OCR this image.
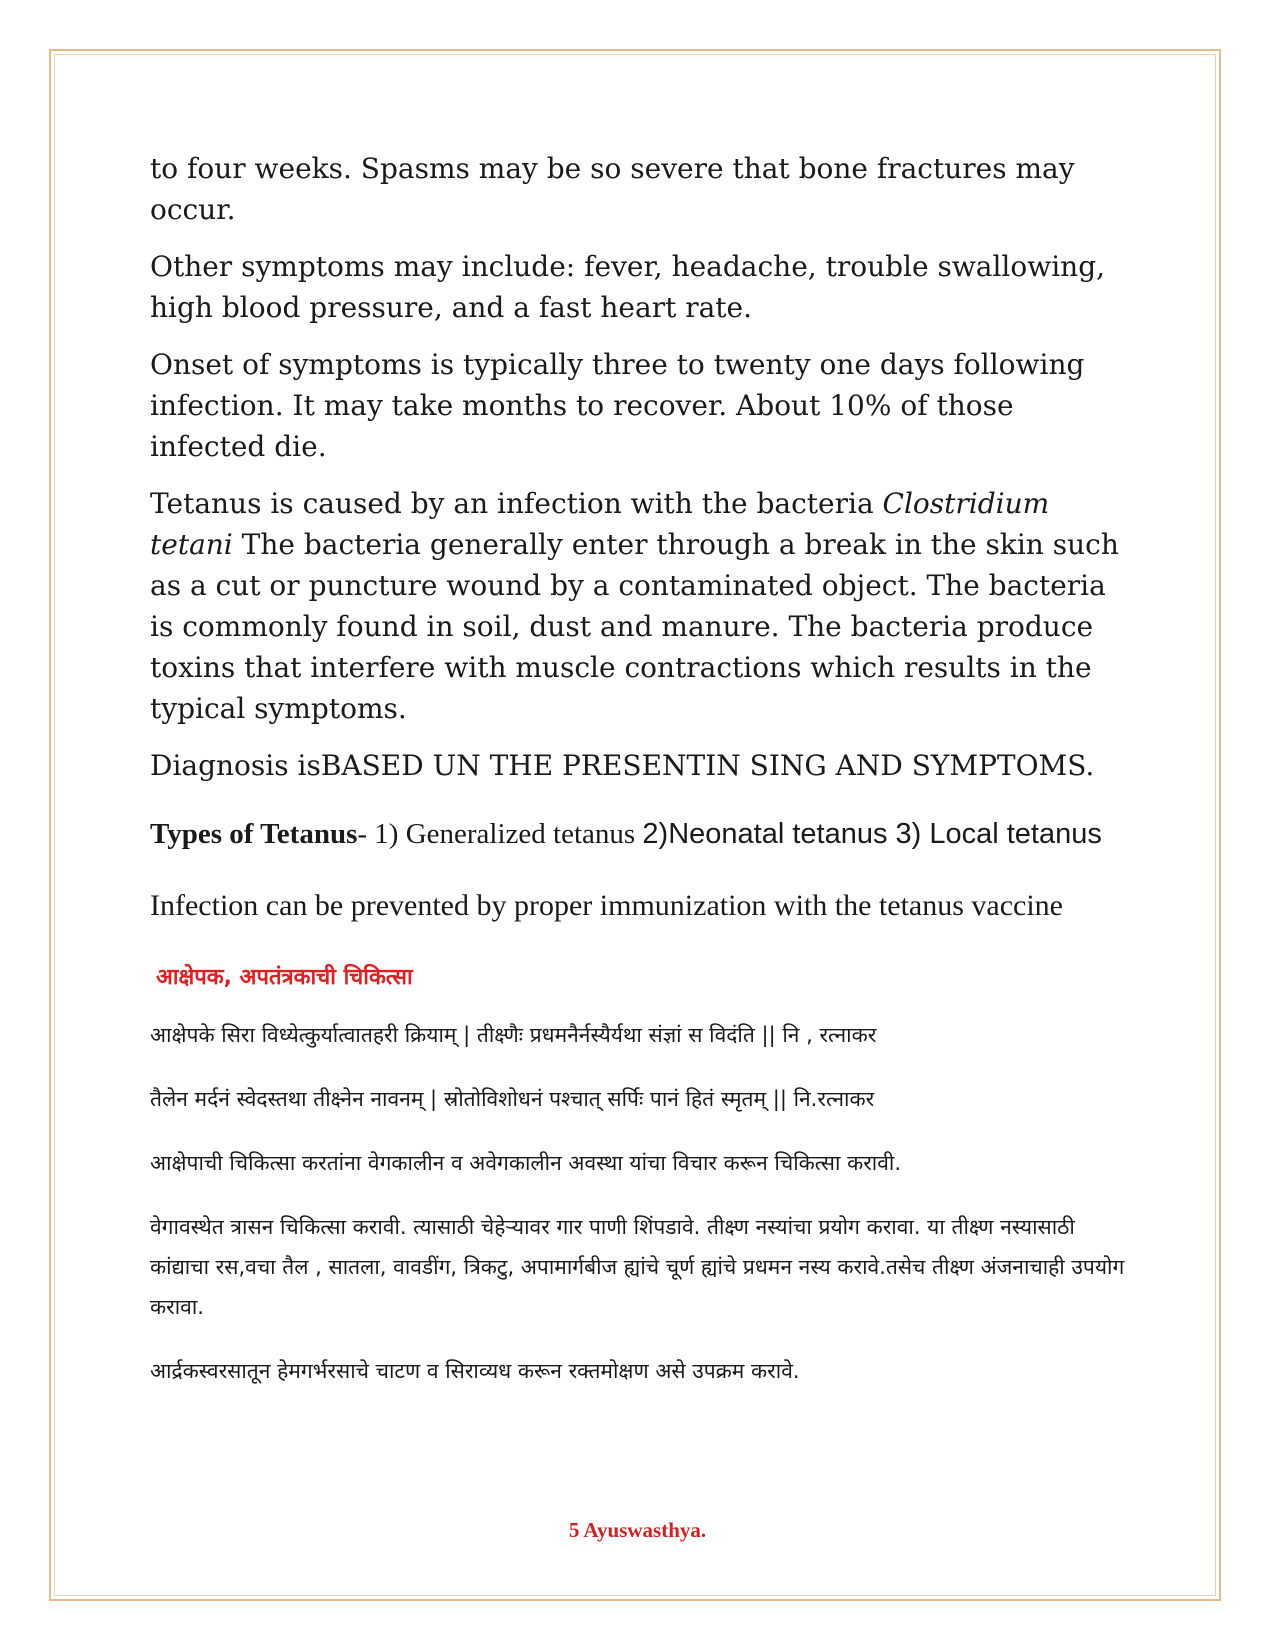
to four weeks. Spasms may be so severe that bone fractures may occur.

Other symptoms may include: fever, headache, trouble swallowing, high blood pressure, and a fast heart rate.

Onset of symptoms is typically three to twenty one days following infection. It may take months to recover. About 10% of those infected die.

Tetanus is caused by an infection with the bacteria Clostridium tetani The bacteria generally enter through a break in the skin such as a cut or puncture wound by a contaminated object. The bacteria is commonly found in soil, dust and manure. The bacteria produce toxins that interfere with muscle contractions which results in the typical symptoms.

Diagnosis isBASED UN THE PRESENTIN SING AND SYMPTOMS.

Types of Tetanus- 1) Generalized tetanus 2)Neonatal tetanus 3) Local tetanus

Infection can be prevented by proper immunization with the tetanus vaccine

आक्षेपक, अपतंत्रकाची चिकित्सा

आक्षेपके सिरा विध्येत्कुर्यात्वातहरी क्रियाम् | तीक्ष्णैः प्रधमनैर्नस्यैर्यथा संज्ञां स विदंति || नि , रत्नाकर

तैलेन मर्दनं स्वेदस्तथा तीक्ष्नेन नावनम् | स्रोतोविशोधनं पश्चात् सर्पिः पानं हितं स्मृतम् || नि.रत्नाकर

आक्षेपाची चिकित्सा करतांना वेगकालीन व अवेगकालीन अवस्था यांचा विचार करून चिकित्सा करावी.

वेगावस्थेत त्रासन चिकित्सा करावी. त्यासाठी चेहेऱ्यावर गार पाणी शिंपडावे. तीक्ष्ण नस्यांचा प्रयोग करावा. या तीक्ष्ण नस्यासाठी कांद्याचा रस,वचा तैल , सातला, वावडींग, त्रिकटु, अपामार्गबीज ह्यांचे चूर्ण ह्यांचे प्रधमन नस्य करावे.तसेच तीक्ष्ण अंजनाचाही उपयोग करावा.

आर्द्रकस्वरसातून हेमगर्भरसाचे चाटण व सिराव्यध करून रक्तमोक्षण असे उपक्रम करावे.

5 Ayuswasthya.
